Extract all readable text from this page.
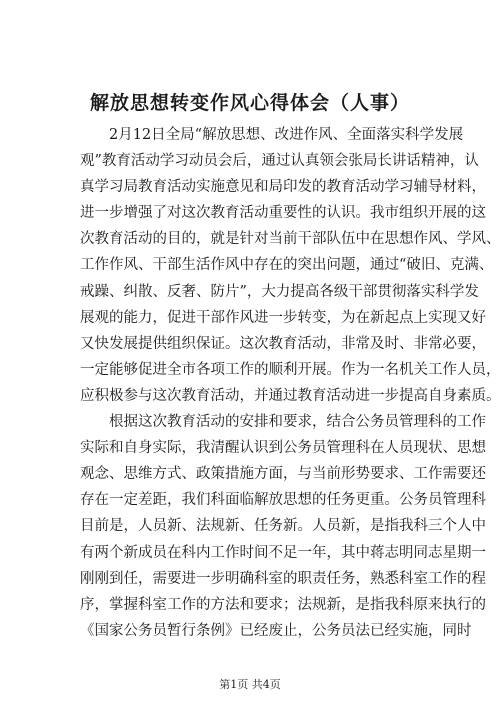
解放思想转变作风心得体会（人事）
2月12日全局“解放思想、改进作风、全面落实科学发展
观”教育活动学习动员会后，通过认真领会张局长讲话精神，认
真学习局教育活动实施意见和局印发的教育活动学习辅导材料，
进一步增强了对这次教育活动重要性的认识。我市组织开展的这
次教育活动的目的，就是针对当前干部队伍中在思想作风、学风、
工作作风、干部生活作风中存在的突出问题，通过“破旧、克满、
戒躁、纠散、反奢、防片”，大力提高各级干部贯彻落实科学发
展观的能力，促进干部作风进一步转变，为在新起点上实现又好
又快发展提供组织保证。这次教育活动，非常及时、非常必要，
一定能够促进全市各项工作的顺利开展。作为一名机关工作人员，
应积极参与这次教育活动，并通过教育活动进一步提高自身素质。
根据这次教育活动的安排和要求，结合公务员管理科的工作
实际和自身实际，我清醒认识到公务员管理科在人员现状、思想
观念、思维方式、政策措施方面，与当前形势要求、工作需要还
存在一定差距，我们科面临解放思想的任务更重。公务员管理科
目前是，人员新、法规新、任务新。人员新，是指我科三个人中
有两个新成员在科内工作时间不足一年，其中蒋志明同志星期一
刚刚到任，需要进一步明确科室的职责任务，熟悉科室工作的程
序，掌握科室工作的方法和要求；法规新，是指我科原来执行的
《国家公务员暂行条例》已经废止，公务员法已经实施，同时
第1页 共4页
